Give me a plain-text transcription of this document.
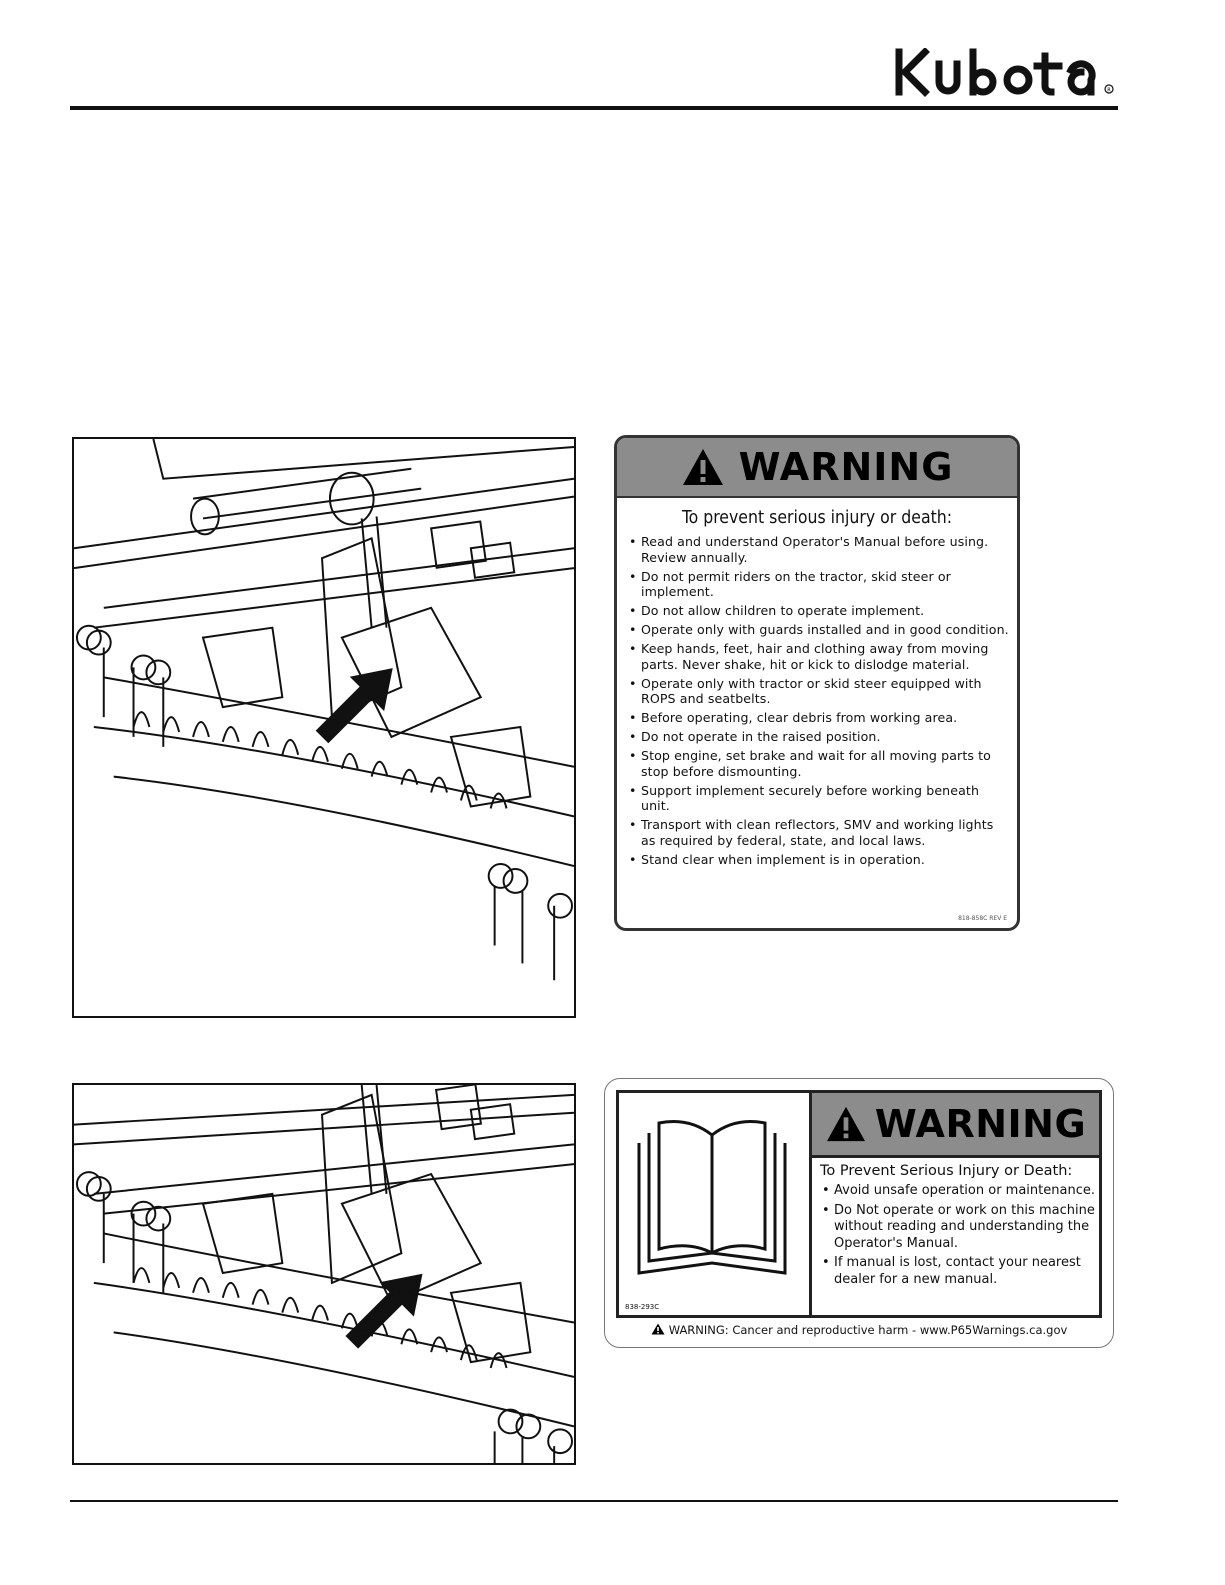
R
WARNING
To prevent serious injury or death:
• Read and understand Operator's Manual before using. Review annually.
• Do not permit riders on the tractor, skid steer or implement.
• Do not allow children to operate implement.
• Operate only with guards installed and in good condition.
• Keep hands, feet, hair and clothing away from moving parts. Never shake, hit or kick to dislodge material.
• Operate only with tractor or skid steer equipped with ROPS and seatbelts.
• Before operating, clear debris from working area.
• Do not operate in the raised position.
• Stop engine, set brake and wait for all moving parts to stop before dismounting.
• Support implement securely before working beneath unit.
• Transport with clean reflectors, SMV and working lights as required by federal, state, and local laws.
• Stand clear when implement is in operation.
818-858C REV E
838-293C
WARNING
To Prevent Serious Injury or Death:
• Avoid unsafe operation or maintenance.
• Do Not operate or work on this machine without reading and understanding the Operator's Manual.
• If manual is lost, contact your nearest dealer for a new manual.
WARNING: Cancer and reproductive harm - www.P65Warnings.ca.gov
